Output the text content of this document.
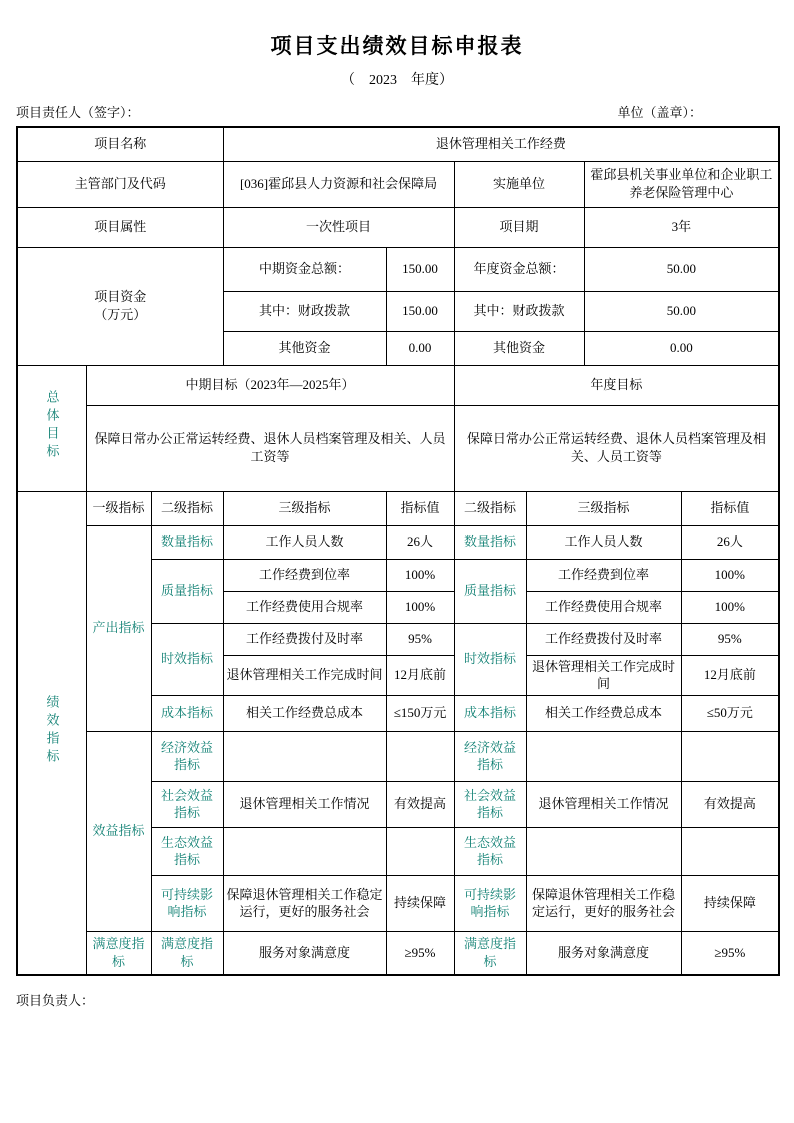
项目支出绩效目标申报表
（ 2023 年度）
项目责任人（签字）：	单位（盖章）：
项目名称			退休管理相关工作经费					
主管部门及代码			[036]霍邱县人力资源和社会保障局		实施单位		霍邱县机关事业单位和企业职工养老保险管理中心	
项目属性			一次性项目		项目期		3年	
项目资金
（万元）			中期资金总额：	150.00	年度资金总额：		50.00	
			其中：财政拨款	150.00	其中：财政拨款		50.00	
			其他资金	0.00	其他资金		0.00	
总体目标	中期目标（2023年—2025年）				年度目标			
	保障日常办公正常运转经费、退休人员档案管理及相关、人员工资等				保障日常办公正常运转经费、退休人员档案管理及相关、人员工资等			
绩效指标	一级指标	二级指标	三级指标	指标值	二级指标	三级指标		指标值
	产出指标	数量指标	工作人员人数	26人	数量指标	工作人员人数		26人
		质量指标	工作经费到位率	100%	质量指标	工作经费到位率		100%
			工作经费使用合规率	100%		工作经费使用合规率		100%
		时效指标	工作经费拨付及时率	95%	时效指标	工作经费拨付及时率		95%
			退休管理相关工作完成时间	12月底前		退休管理相关工作完成时间		12月底前
		成本指标	相关工作经费总成本	≤150万元	成本指标	相关工作经费总成本		≤50万元
	效益指标	经济效益指标			经济效益指标			
		社会效益指标	退休管理相关工作情况	有效提高	社会效益指标	退休管理相关工作情况		有效提高
		生态效益指标			生态效益指标			
		可持续影响指标	保障退休管理相关工作稳定运行，更好的服务社会	持续保障	可持续影响指标	保障退休管理相关工作稳定运行，更好的服务社会		持续保障
	满意度指标	满意度指标	服务对象满意度	≥95%	满意度指标	服务对象满意度		≥95%
项目负责人：
